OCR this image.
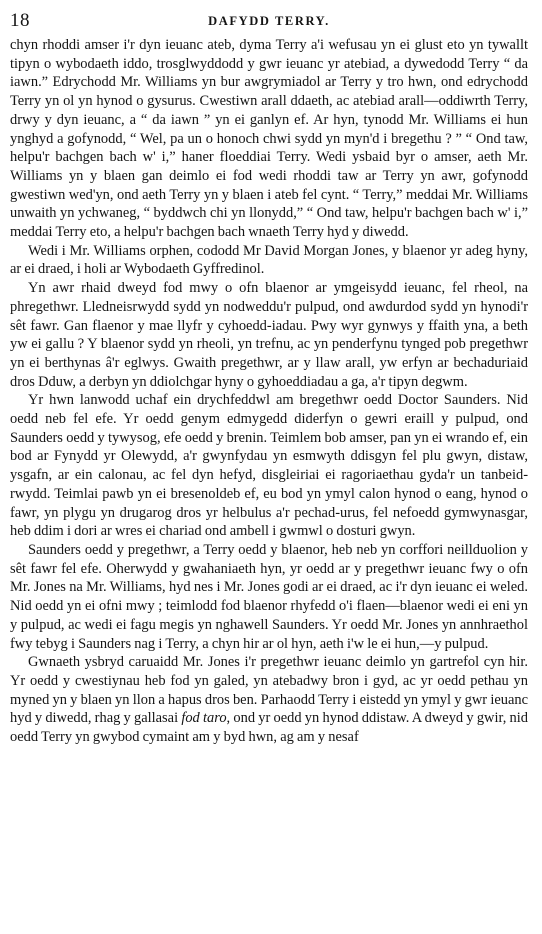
18	DAFYDD TERRY.

chyn rhoddi amser i'r dyn ieuanc ateb, dyma Terry a'i wefusau yn ei glust eto yn tywallt tipyn o wybodaeth iddo, trosglwyddodd y gwr ieuanc yr atebiad, a dywedodd Terry “ da iawn.” Edrychodd Mr. Williams yn bur awgrymiadol ar Terry y tro hwn, ond edrychodd Terry yn ol yn hynod o gysurus. Cwestiwn arall ddaeth, ac atebiad arall—oddiwrth Terry, drwy y dyn ieuanc, a “ da iawn ” yn ei ganlyn ef. Ar hyn, tynodd Mr. Williams ei hun ynghyd a gofynodd, “ Wel, pa un o honoch chwi sydd yn myn'd i bregethu ? ” “ Ond taw, helpu'r bachgen bach w' i,” haner floeddiai Terry. Wedi ysbaid byr o amser, aeth Mr. Williams yn y blaen gan deimlo ei fod wedi rhoddi taw ar Terry yn awr, gofynodd gwestiwn wed'yn, ond aeth Terry yn y blaen i ateb fel cynt. “ Terry,” meddai Mr. Williams unwaith yn ychwaneg, “ byddwch chi yn llonydd,” “ Ond taw, helpu'r bachgen bach w' i,” meddai Terry eto, a helpu'r bachgen bach wnaeth Terry hyd y diwedd.

Wedi i Mr. Williams orphen, cododd Mr David Morgan Jones, y blaenor yr adeg hyny, ar ei draed, i holi ar Wybodaeth Gyffredinol.

Yn awr rhaid dweyd fod mwy o ofn blaenor ar ymgeisydd ieuanc, fel rheol, na phregethwr. Lledneisrwydd sydd yn nodweddu'r pulpud, ond awdurdod sydd yn hynodi'r sêt fawr. Gan flaenor y mae llyfr y cyhoedd-iadau. Pwy wyr gynwys y ffaith yna, a beth yw ei gallu ? Y blaenor sydd yn rheoli, yn trefnu, ac yn penderfynu tynged pob pregethwr yn ei berthynas â'r eglwys. Gwaith pregethwr, ar y llaw arall, yw erfyn ar bechaduriaid dros Dduw, a derbyn yn ddiolchgar hyny o gyhoeddiadau a ga, a'r tipyn degwm.

Yr hwn lanwodd uchaf ein drychfeddwl am bregethwr oedd Doctor Saunders. Nid oedd neb fel efe. Yr oedd genym edmygedd diderfyn o gewri eraill y pulpud, ond Saunders oedd y tywysog, efe oedd y brenin. Teimlem bob amser, pan yn ei wrando ef, ein bod ar Fynydd yr Olewydd, a'r gwynfydau yn esmwyth ddisgyn fel plu gwyn, distaw, ysgafn, ar ein calonau, ac fel dyn hefyd, disgleiriai ei ragoriaethau gyda'r un tanbeid-rwydd. Teimlai pawb yn ei bresenoldeb ef, eu bod yn ymyl calon hynod o eang, hynod o fawr, yn plygu yn drugarog dros yr helbulus a'r pechad-urus, fel nefoedd gymwynasgar, heb ddim i dori ar wres ei chariad ond ambell i gwmwl o dosturi gwyn.

Saunders oedd y pregethwr, a Terry oedd y blaenor, heb neb yn corffori neillduolion y sêt fawr fel efe. Oherwydd y gwahaniaeth hyn, yr oedd ar y pregethwr ieuanc fwy o ofn Mr. Jones na Mr. Williams, hyd nes i Mr. Jones godi ar ei draed, ac i'r dyn ieuanc ei weled. Nid oedd yn ei ofni mwy ; teimlodd fod blaenor rhyfedd o'i flaen—blaenor wedi ei eni yn y pulpud, ac wedi ei fagu megis yn nghawell Saunders. Yr oedd Mr. Jones yn annhraethol fwy tebyg i Saunders nag i Terry, a chyn hir ar ol hyn, aeth i'w le ei hun,—y pulpud.

Gwnaeth ysbryd caruaidd Mr. Jones i'r pregethwr ieuanc deimlo yn gartrefol cyn hir. Yr oedd y cwestiynau heb fod yn galed, yn atebadwy bron i gyd, ac yr oedd pethau yn myned yn y blaen yn llon a hapus dros ben. Parhaodd Terry i eistedd yn ymyl y gwr ieuanc hyd y diwedd, rhag y gallasai fod taro, ond yr oedd yn hynod ddistaw. A dweyd y gwir, nid oedd Terry yn gwybod cymaint am y byd hwn, ag am y nesaf
